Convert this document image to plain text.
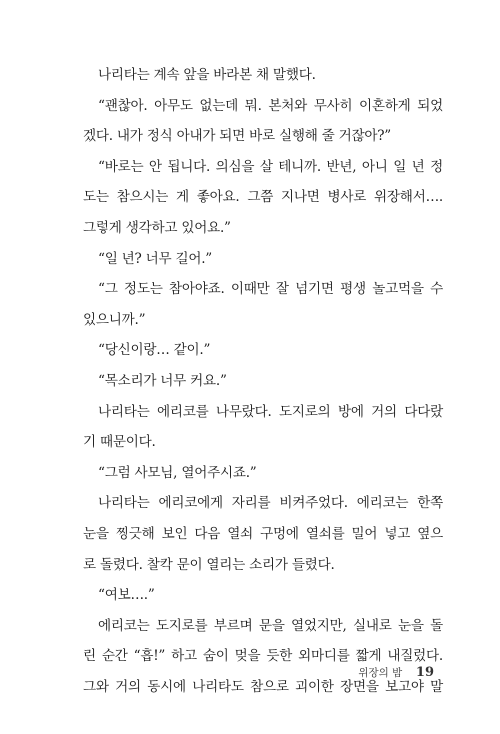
나리타는 계속 앞을 바라본 채 말했다.
“괜찮아. 아무도 없는데 뭐. 본처와 무사히 이혼하게 되었
겠다. 내가 정식 아내가 되면 바로 실행해 줄 거잖아?”
“바로는 안 됩니다. 의심을 살 테니까. 반년, 아니 일 년 정
도는 참으시는 게 좋아요. 그쯤 지나면 병사로 위장해서….
그렇게 생각하고 있어요.”
“일 년? 너무 길어.”
“그 정도는 참아야죠. 이때만 잘 넘기면 평생 놀고먹을 수
있으니까.”
“당신이랑… 같이.”
“목소리가 너무 커요.”
나리타는 에리코를 나무랐다. 도지로의 방에 거의 다다랐
기 때문이다.
“그럼 사모님, 열어주시죠.”
나리타는 에리코에게 자리를 비켜주었다. 에리코는 한쪽
눈을 찡긋해 보인 다음 열쇠 구멍에 열쇠를 밀어 넣고 옆으
로 돌렸다. 찰칵 문이 열리는 소리가 들렸다.
“여보….”
에리코는 도지로를 부르며 문을 열었지만, 실내로 눈을 돌
린 순간 “흡!” 하고 숨이 멎을 듯한 외마디를 짧게 내질렀다.
그와 거의 동시에 나리타도 참으로 괴이한 장면을 보고야 말
위장의 밤 19
